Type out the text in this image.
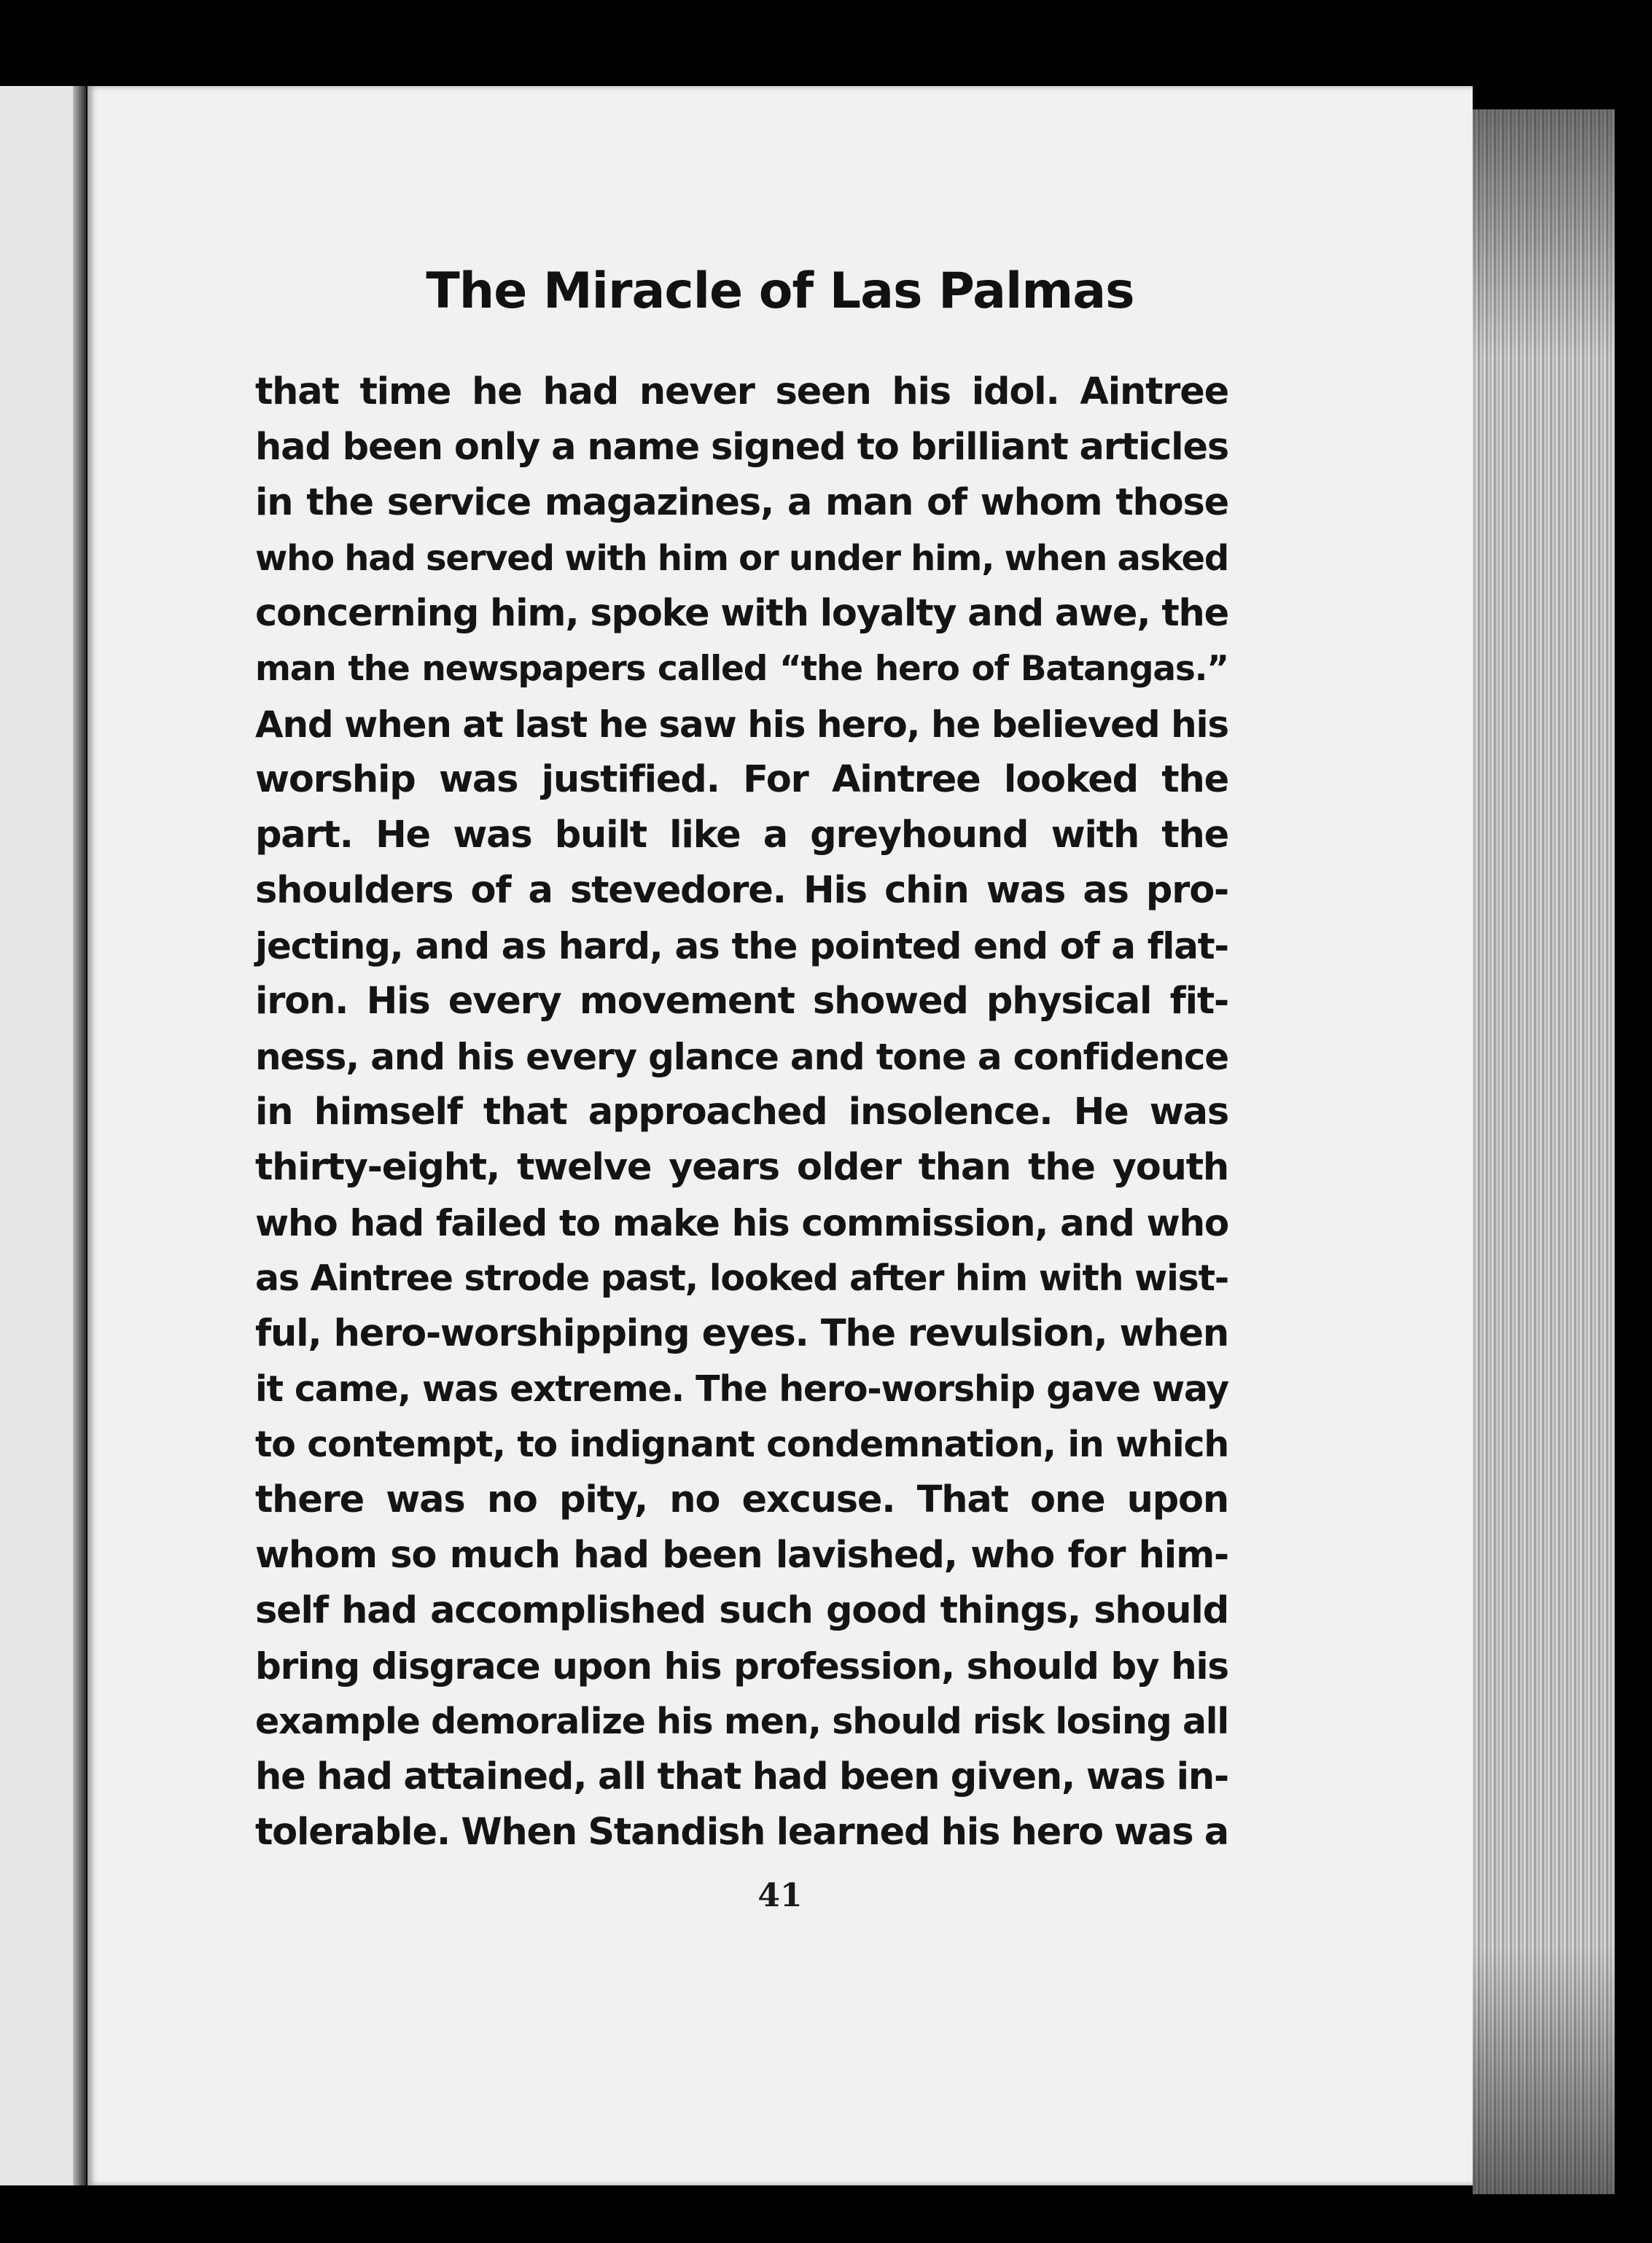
The Miracle of Las Palmas
that time he had never seen his idol. Aintree
had been only a name signed to brilliant articles
in the service magazines, a man of whom those
who had served with him or under him, when asked
concerning him, spoke with loyalty and awe, the
man the newspapers called “the hero of Batangas.”
And when at last he saw his hero, he believed his
worship was justified. For Aintree looked the
part. He was built like a greyhound with the
shoulders of a stevedore. His chin was as pro-
jecting, and as hard, as the pointed end of a flat-
iron. His every movement showed physical fit-
ness, and his every glance and tone a confidence
in himself that approached insolence. He was
thirty-eight, twelve years older than the youth
who had failed to make his commission, and who
as Aintree strode past, looked after him with wist-
ful, hero-worshipping eyes. The revulsion, when
it came, was extreme. The hero-worship gave way
to contempt, to indignant condemnation, in which
there was no pity, no excuse. That one upon
whom so much had been lavished, who for him-
self had accomplished such good things, should
bring disgrace upon his profession, should by his
example demoralize his men, should risk losing all
he had attained, all that had been given, was in-
tolerable. When Standish learned his hero was a
41
